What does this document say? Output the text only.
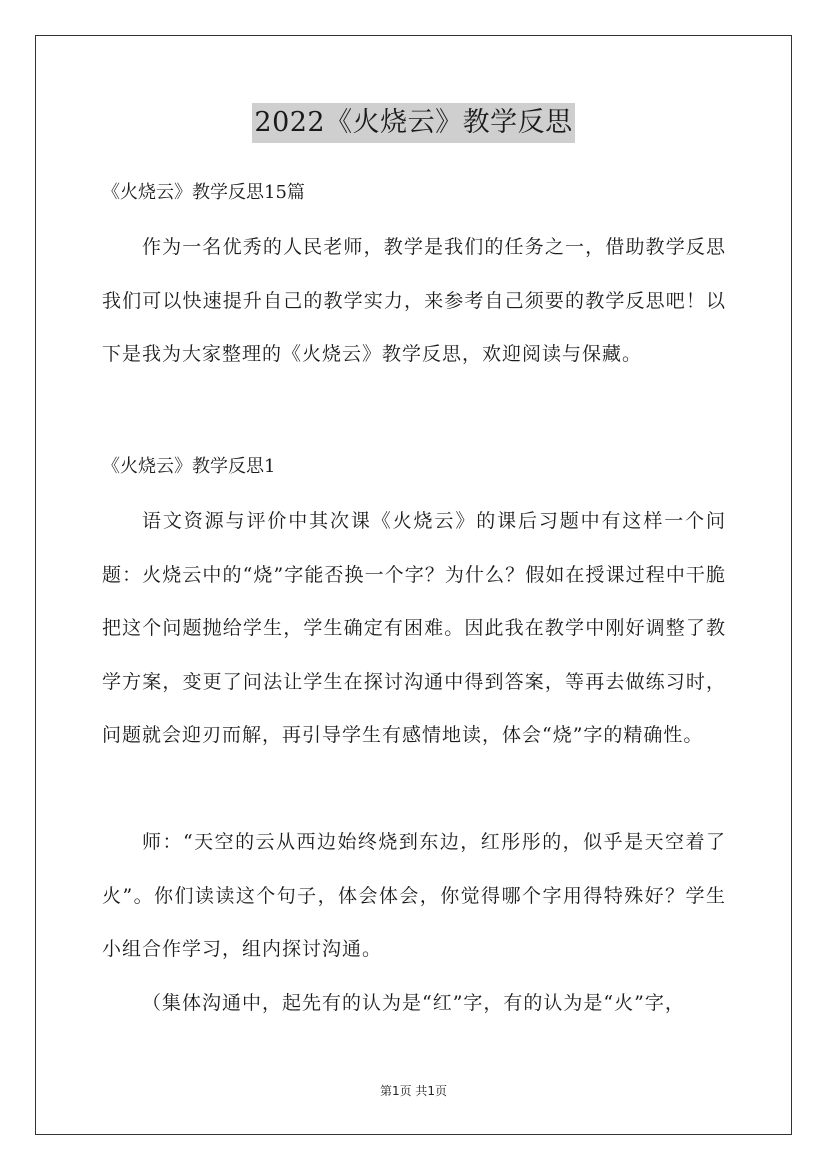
2022《火烧云》教学反思
《火烧云》教学反思15篇

作为一名优秀的人民老师，教学是我们的任务之一，借助教学反思我们可以快速提升自己的教学实力，来参考自己须要的教学反思吧！以下是我为大家整理的《火烧云》教学反思，欢迎阅读与保藏。

《火烧云》教学反思1

语文资源与评价中其次课《火烧云》的课后习题中有这样一个问题：火烧云中的“烧”字能否换一个字？为什么？假如在授课过程中干脆把这个问题抛给学生，学生确定有困难。因此我在教学中刚好调整了教学方案，变更了问法让学生在探讨沟通中得到答案，等再去做练习时，问题就会迎刃而解，再引导学生有感情地读，体会“烧”字的精确性。

师：“天空的云从西边始终烧到东边，红彤彤的，似乎是天空着了火”。你们读读这个句子，体会体会，你觉得哪个字用得特殊好？学生小组合作学习，组内探讨沟通。

（集体沟通中，起先有的认为是“红”字，有的认为是“火”字，

第1页 共1页
